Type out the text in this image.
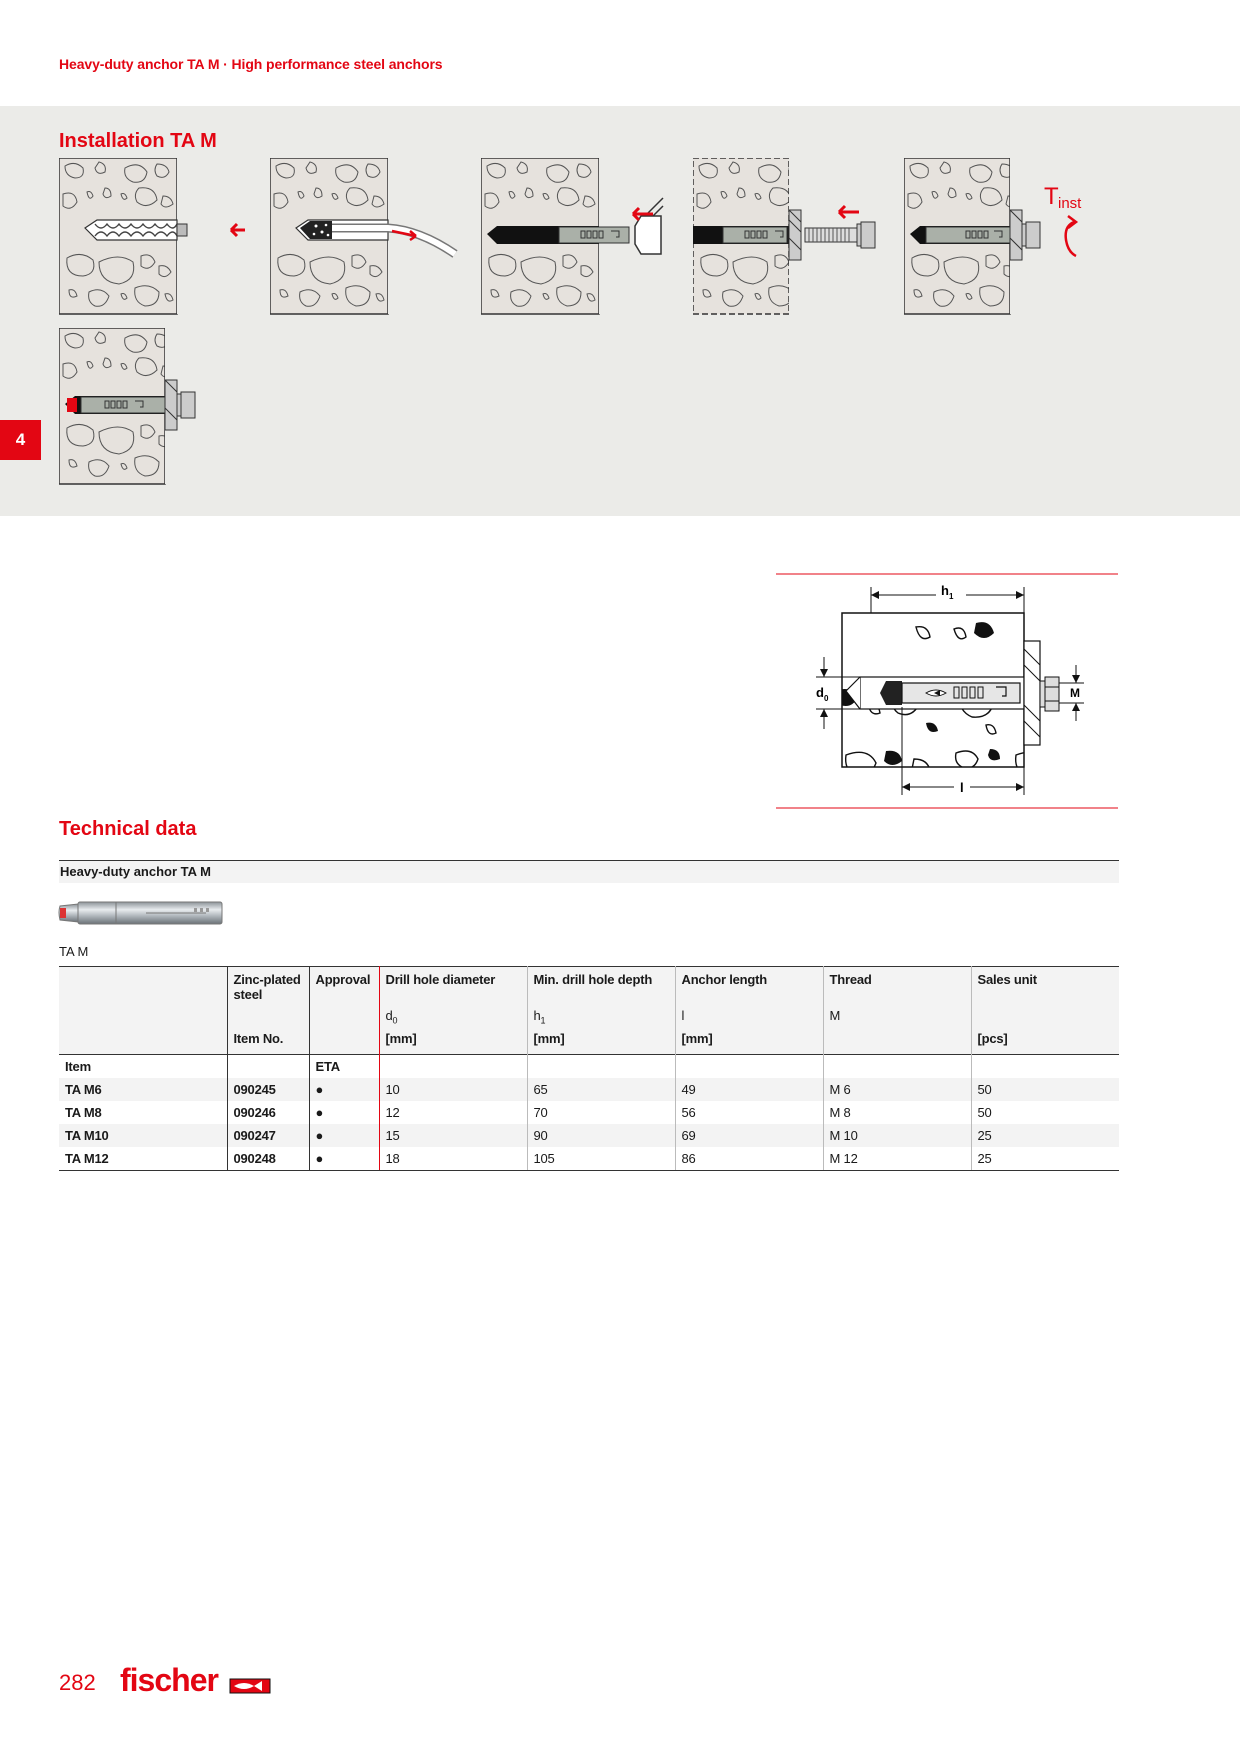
Heavy-duty anchor TA M · High performance steel anchors
Installation TA M
T inst
4
h 1
d 0	M
l
Technical data
Heavy-duty anchor TA M
TA M
	Zinc-plated steel	Approval	Drill hole diameter	Min. drill hole depth	Anchor length	Thread	Sales unit
			$d_0$	$h_1$	l	M	
	Item No.		[mm]	[mm]	[mm]		[pcs]
Item		ETA					
TA M6	090245	●	10	65	49	M 6	50
TA M8	090246	●	12	70	56	M 8	50
TA M10	090247	●	15	90	69	M 10	25
TA M12	090248	●	18	105	86	M 12	25
282 fischer
